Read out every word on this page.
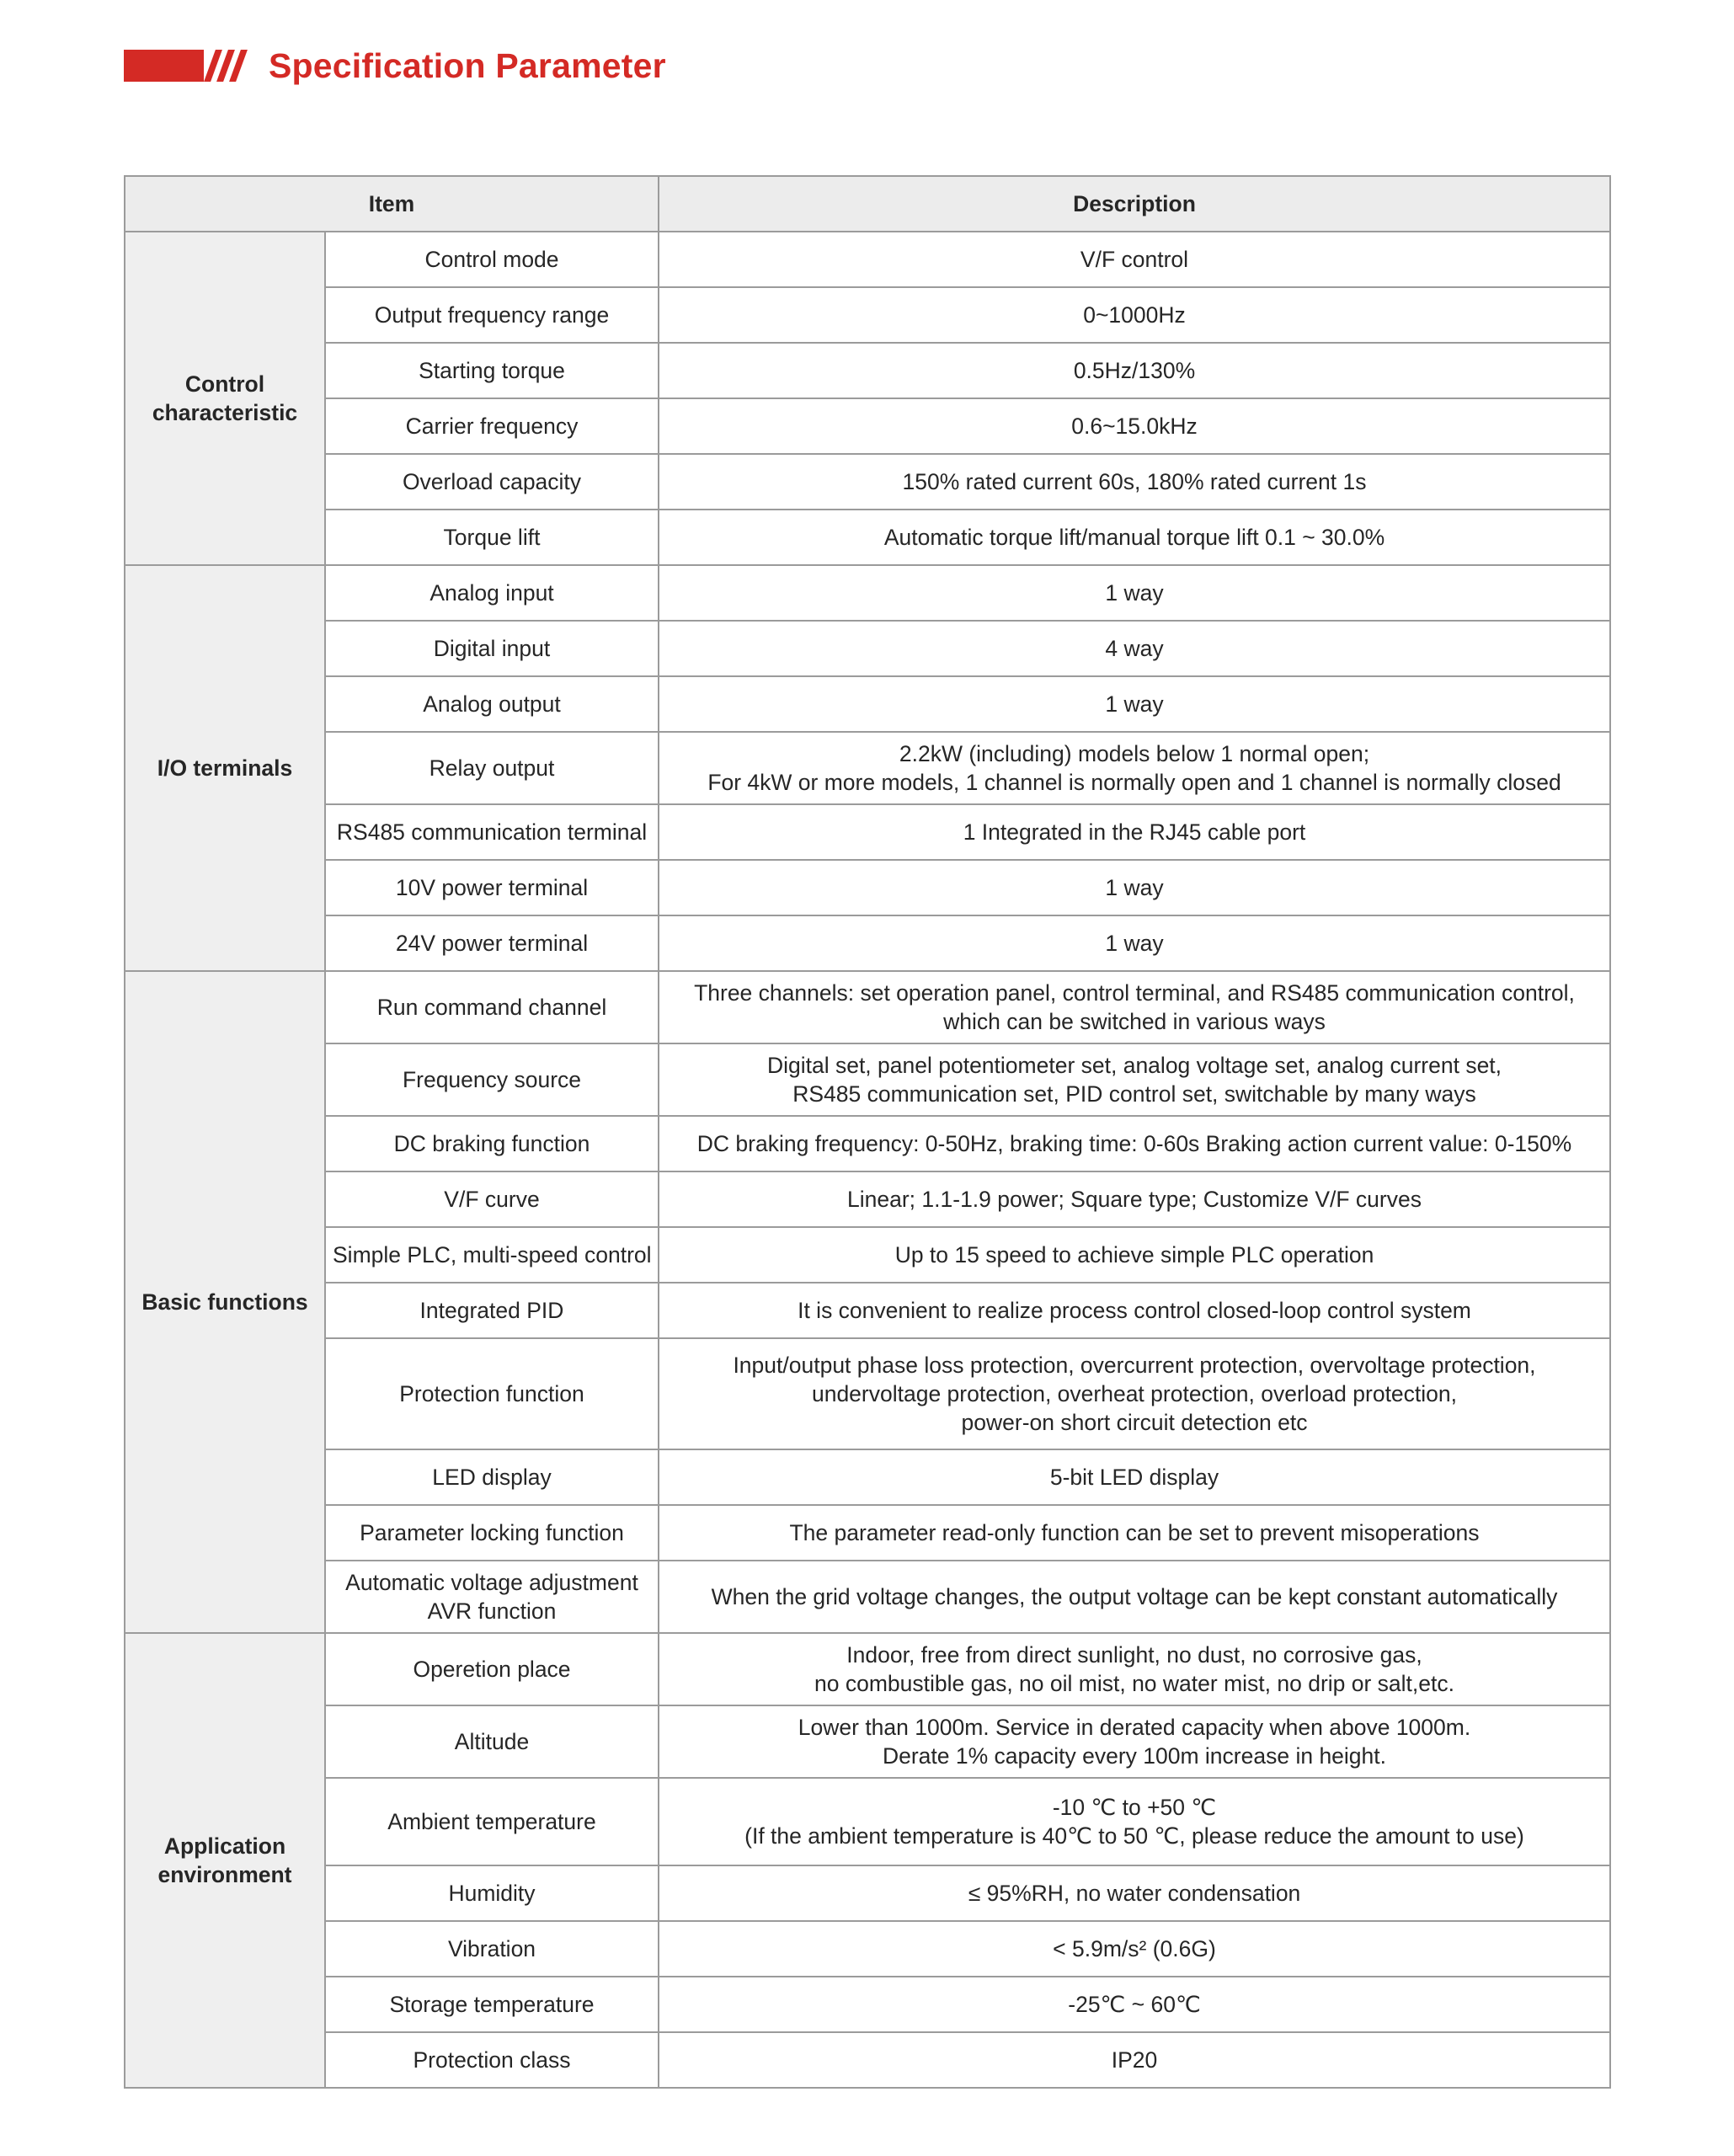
Specification Parameter
Item		Description
Control characteristic	Control mode	V/F control
	Output frequency range	0~1000Hz
	Starting torque	0.5Hz/130%
	Carrier frequency	0.6~15.0kHz
	Overload capacity	150% rated current 60s, 180% rated current 1s
	Torque lift	Automatic torque lift/manual torque lift 0.1 ~ 30.0%
I/O terminals	Analog input	1 way
	Digital input	4 way
	Analog output	1 way
	Relay output	2.2kW (including) models below 1 normal open;
For 4kW or more models, 1 channel is normally open and 1 channel is normally closed
	RS485 communication terminal	1 Integrated in the RJ45 cable port
	10V power terminal	1 way
	24V power terminal	1 way
Basic functions	Run command channel	Three channels: set operation panel, control terminal, and RS485 communication control,
which can be switched in various ways
	Frequency source	Digital set, panel potentiometer set, analog voltage set, analog current set,
RS485 communication set, PID control set, switchable by many ways
	DC braking function	DC braking frequency: 0-50Hz, braking time: 0-60s Braking action current value: 0-150%
	V/F curve	Linear; 1.1-1.9 power; Square type; Customize V/F curves
	Simple PLC, multi-speed control	Up to 15 speed to achieve simple PLC operation
	Integrated PID	It is convenient to realize process control closed-loop control system
	Protection function	Input/output phase loss protection, overcurrent protection, overvoltage protection,
undervoltage protection, overheat protection, overload protection,
power-on short circuit detection etc
	LED display	5-bit LED display
	Parameter locking function	The parameter read-only function can be set to prevent misoperations
	Automatic voltage adjustment
AVR function	When the grid voltage changes, the output voltage can be kept constant automatically
Application environment	Operetion place	Indoor, free from direct sunlight, no dust, no corrosive gas,
no combustible gas, no oil mist, no water mist, no drip or salt,etc.
	Altitude	Lower than 1000m. Service in derated capacity when above 1000m.
Derate 1% capacity every 100m increase in height.
	Ambient temperature	-10 ℃ to +50 ℃
(If the ambient temperature is 40℃ to 50 ℃, please reduce the amount to use)
	Humidity	≤ 95%RH, no water condensation
	Vibration	< 5.9m/s² (0.6G)
	Storage temperature	-25℃ ~ 60℃
	Protection class	IP20
